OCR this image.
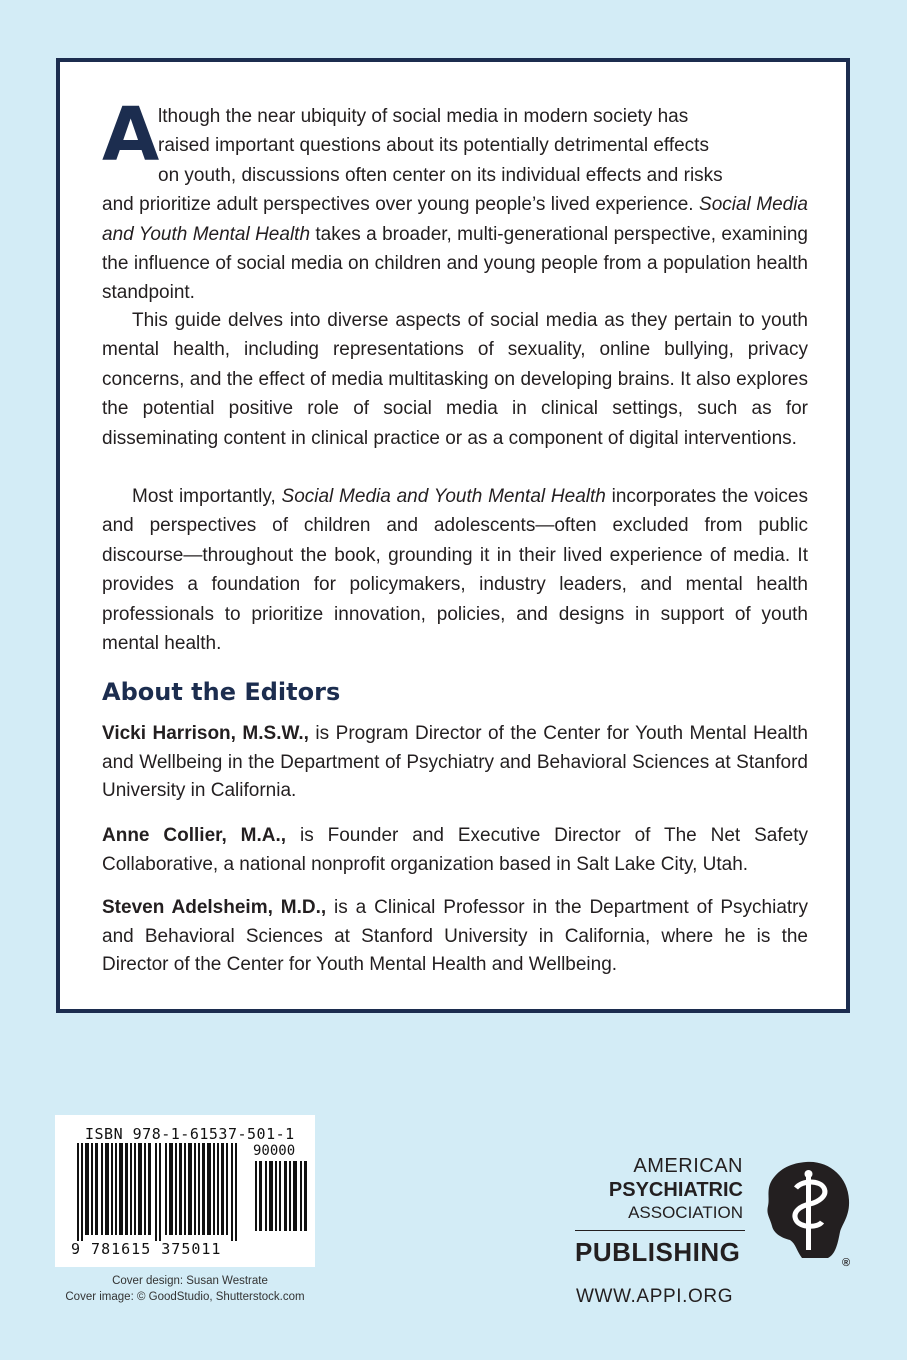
A

lthough the near ubiquity of social media in modern society has
raised important questions about its potentially detrimental effects
on youth, discussions often center on its individual effects and risks
and prioritize adult perspectives over young people’s lived experience. Social Media and Youth Mental Health takes a broader, multi-generational perspective, examining the influence of social media on children and young people from a population health standpoint.

This guide delves into diverse aspects of social media as they pertain to youth mental health, including representations of sexuality, online bullying, privacy concerns, and the effect of media multitasking on developing brains. It also explores the potential positive role of social media in clinical settings, such as for disseminating content in clinical practice or as a component of digital interventions.

Most importantly, Social Media and Youth Mental Health incorporates the voices and perspectives of children and adolescents—often excluded from public discourse—throughout the book, grounding it in their lived experience of media. It provides a foundation for policymakers, industry leaders, and mental health professionals to prioritize innovation, policies, and designs in support of youth mental health.

About the Editors

Vicki Harrison, M.S.W., is Program Director of the Center for Youth Mental Health and Wellbeing in the Department of Psychiatry and Behavioral Sciences at Stanford University in California.

Anne Collier, M.A., is Founder and Executive Director of The Net Safety Collaborative, a national nonprofit organization based in Salt Lake City, Utah.

Steven Adelsheim, M.D., is a Clinical Professor in the Department of Psychiatry and Behavioral Sciences at Stanford University in California, where he is the Director of the Center for Youth Mental Health and Wellbeing.

ISBN 978-1-61537-501-1
90000
9 781615 375011
Cover design: Susan Westrate
Cover image: © GoodStudio, Shutterstock.com
AMERICAN
PSYCHIATRIC
ASSOCIATION
PUBLISHING
WWW.APPI.ORG
®
